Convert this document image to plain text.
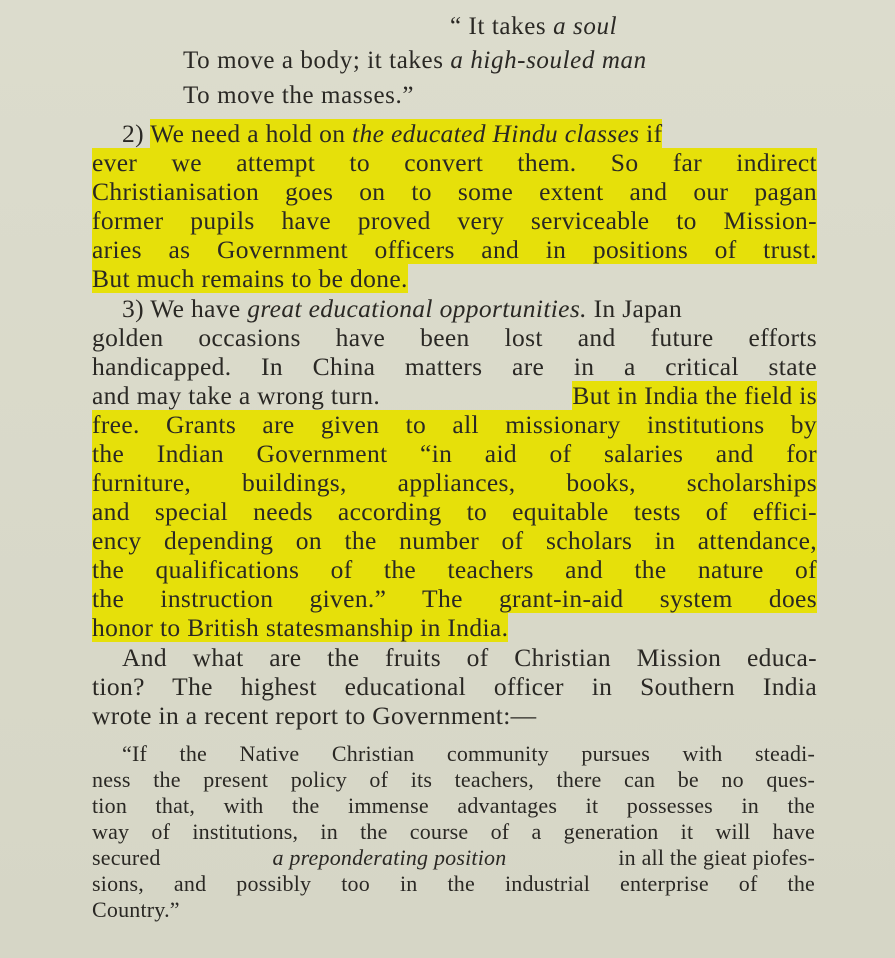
“ It takes a soul
To move a body; it takes a high-souled man
To move the masses.”
2) We need a hold on the educated Hindu classes if
ever we attempt to convert them. So far indirect
Christianisation goes on to some extent and our pagan
former pupils have proved very serviceable to Mission-
aries as Government officers and in positions of trust.
But much remains to be done.
3) We have great educational opportunities. In Japan
golden occasions have been lost and future efforts
handicapped. In China matters are in a critical state
and may take a wrong turn.	But in India the field is
free. Grants are given to all missionary institutions by
the Indian Government “in aid of salaries and for
furniture, buildings, appliances, books, scholarships
and special needs according to equitable tests of effici-
ency depending on the number of scholars in attendance,
the qualifications of the teachers and the nature of
the instruction given.” The grant-in-aid system does
honor to British statesmanship in India.
And what are the fruits of Christian Mission educa-
tion? The highest educational officer in Southern India
wrote in a recent report to Government:—
“If the Native Christian community pursues with steadi-
ness the present policy of its teachers, there can be no ques-
tion that, with the immense advantages it possesses in the
way of institutions, in the course of a generation it will have
secured	a preponderating position	in all the gieat piofes-
sions, and possibly too in the industrial enterprise of the
Country.”
